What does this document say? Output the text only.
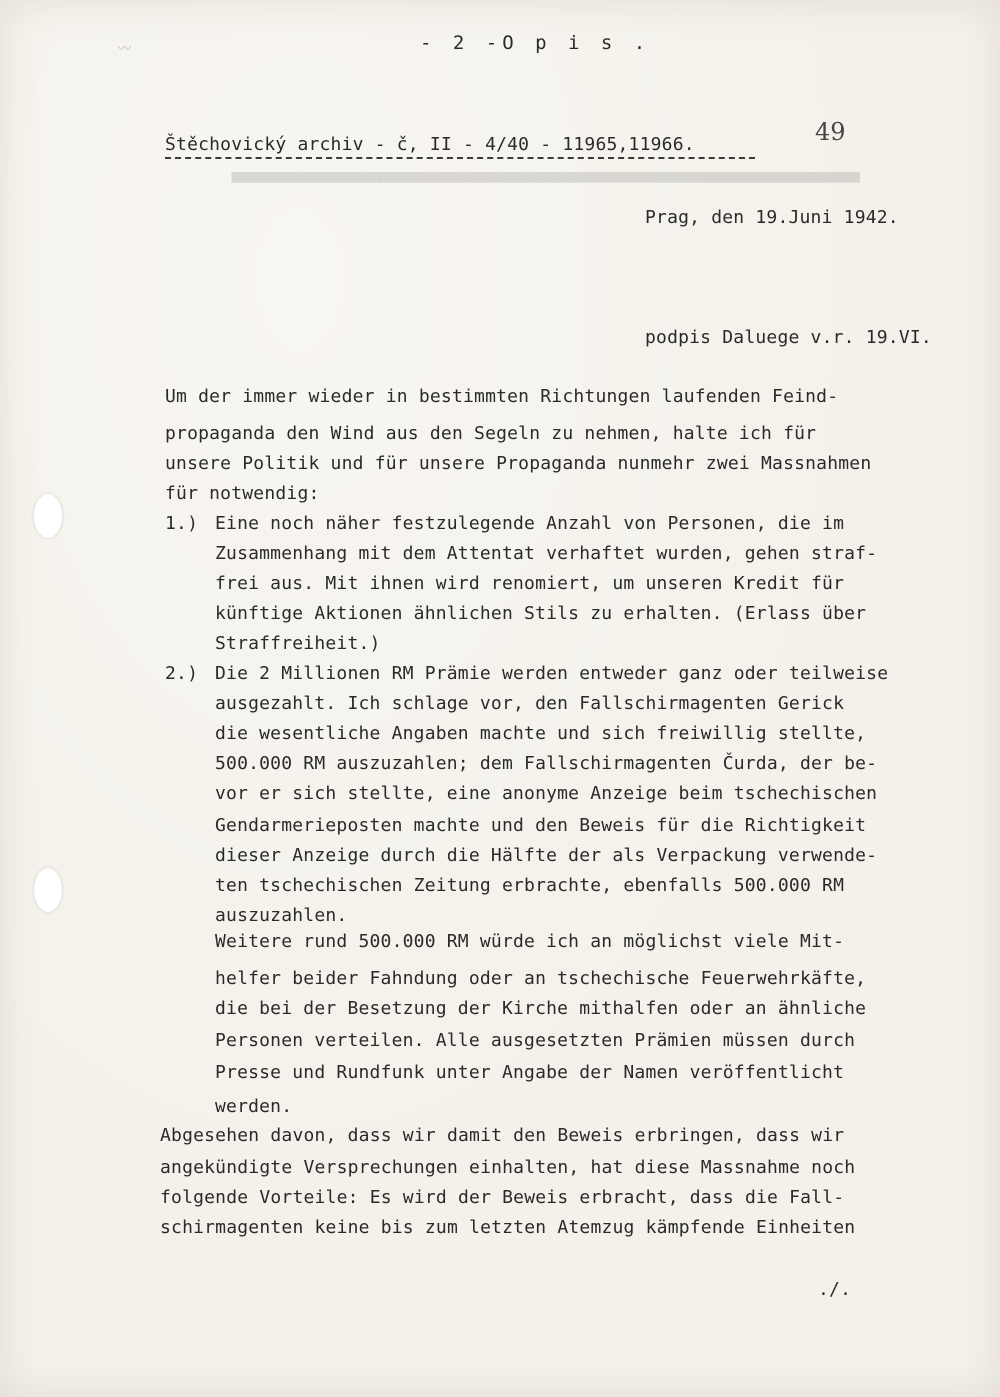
■■■■■■■■■■■■■■■■■■■■■■■■■■■■■■■■■■■■■■■■■■■■■■■■■■■■■■■■■■
〰	- 2 -O p i s .
Štěchovický archiv - č, II - 4/40 - 11965,11966.	49
Prag, den 19.Juni 1942.
podpis Daluege v.r. 19.VI.
Um der immer wieder in bestimmten Richtungen laufenden Feind-
propaganda den Wind aus den Segeln zu nehmen, halte ich für
unsere Politik und für unsere Propaganda nunmehr zwei Massnahmen
für notwendig:
1.) Eine noch näher festzulegende Anzahl von Personen, die im
Zusammenhang mit dem Attentat verhaftet wurden, gehen straf-
frei aus. Mit ihnen wird renomiert, um unseren Kredit für
künftige Aktionen ähnlichen Stils zu erhalten. (Erlass über
Straffreiheit.)
2.) Die 2 Millionen RM Prämie werden entweder ganz oder teilweise
ausgezahlt. Ich schlage vor, den Fallschirmagenten Gerick
die wesentliche Angaben machte und sich freiwillig stellte,
500.000 RM auszuzahlen; dem Fallschirmagenten Čurda, der be-
vor er sich stellte, eine anonyme Anzeige beim tschechischen
Gendarmerieposten machte und den Beweis für die Richtigkeit
dieser Anzeige durch die Hälfte der als Verpackung verwende-
ten tschechischen Zeitung erbrachte, ebenfalls 500.000 RM
auszuzahlen.
Weitere rund 500.000 RM würde ich an möglichst viele Mit-
helfer beider Fahndung oder an tschechische Feuerwehrkäfte,
die bei der Besetzung der Kirche mithalfen oder an ähnliche
Personen verteilen. Alle ausgesetzten Prämien müssen durch
Presse und Rundfunk unter Angabe der Namen veröffentlicht
werden.
Abgesehen davon, dass wir damit den Beweis erbringen, dass wir
angekündigte Versprechungen einhalten, hat diese Massnahme noch
folgende Vorteile: Es wird der Beweis erbracht, dass die Fall-
schirmagenten keine bis zum letzten Atemzug kämpfende Einheiten
./.
